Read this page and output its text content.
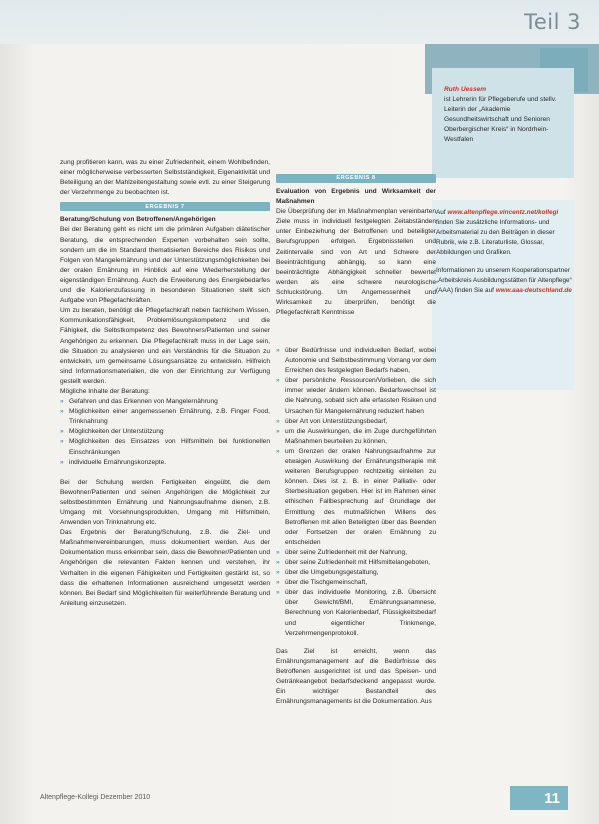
Teil 3
Ruth Uessem
ist Lehrerin für Pflegeberufe und stellv. Leiterin der „Akademie Gesundheitswirtschaft und Senioren Oberbergischer Kreis“ in Nordrhein-Westfalen

Auf www.altenpflege.vincentz.net/kollegi finden Sie zusätzliche Informations- und Arbeitsmaterial zu den Beiträgen in dieser Rubrik, wie z.B. Literaturliste, Glossar, Abbildungen und Grafiken.

Informationen zu unserem Kooperationspartner „Arbeitskreis Ausbildungsstätten für Altenpflege“ (AAA) finden Sie auf www.aaa-deutschland.de

zung profitieren kann, was zu einer Zufriedenheit, einem Wohlbefinden, einer möglicherweise verbesserten Selbstständigkeit, Eigenaktivität und Beteiligung an der Mahlzeitengestaltung sowie evtl. zu einer Steigerung der Verzehrmenge zu beobachten ist.

ERGEBNIS 7

Beratung/Schulung von Betroffenen/Angehörigen

Bei der Beratung geht es nicht um die primären Aufgaben diätetischer Beratung, die entsprechenden Experten vorbehalten sein sollte, sondern um die im Standard thematisierten Bereiche des Risikos und Folgen von Mangelernährung und der Unterstützungsmöglichkeiten bei der oralen Ernährung im Hinblick auf eine Wiederherstellung der eigenständigen Ernährung. Auch die Erweiterung des Energiebedarfes und die Kalorienzufassung in besonderen Situationen stellt sich Aufgabe von Pflegefachkräften.

Um zu beraten, benötigt die Pflegefachkraft neben fachlichem Wissen, Kommunikationsfähigkeit, Problemlösungskompetenz und die Fähigkeit, die Selbstkompetenz des Bewohners/Patienten und seiner Angehörigen zu erkennen. Die Pflegefachkraft muss in der Lage sein, die Situation zu analysieren und ein Verständnis für die Situation zu entwickeln, um gemeinsame Lösungsansätze zu entwickeln. Hilfreich sind Informationsmaterialien, die von der Einrichtung zur Verfügung gestellt werden.

Mögliche Inhalte der Beratung:

» Gefahren und das Erkennen von Mangelernährung
» Möglichkeiten einer angemessenen Ernährung, z.B. Finger Food, Trinknahrung
» Möglichkeiten der Unterstützung
» Möglichkeiten des Einsatzes von Hilfsmitteln bei funktionellen Einschränkungen
» individuelle Ernährungskonzepte.

Bei der Schulung werden Fertigkeiten eingeübt, die dem Bewohner/Patienten und seinen Angehörigen die Möglichkeit zur selbstbestimmten Ernährung und Nahrungsaufnahme dienen, z.B. Umgang mit Vorsehnungsprodukten, Umgang mit Hilfsmitteln, Anwenden von Trinknahrung etc.

Das Ergebnis der Beratung/Schulung, z.B. die Ziel- und Maßnahmenvereinbarungen, muss dokumentiert werden. Aus der Dokumentation muss erkennbar sein, dass die Bewohner/Patienten und Angehörigen die relevanten Fakten kennen und verstehen, ihr Verhalten in die eigenen Fähigkeiten und Fertigkeiten gestärkt ist, so dass die erhaltenen Informationen ausreichend umgesetzt werden können. Bei Bedarf sind Möglichkeiten für weiterführende Beratung und Anleitung einzusetzen.

ERGEBNIS 8

Evaluation von Ergebnis und Wirksamkeit der Maßnahmen

Die Überprüfung der im Maßnahmenplan vereinbarten Ziele muss in individuell festgelegten Zeitabständen unter Einbeziehung der Betroffenen und beteiligter Berufsgruppen erfolgen. Ergebnisstellen und Zeitintervalle sind von Art und Schwere der Beeinträchtigung abhängig, so kann eine beeinträchtigte Abhängigkeit schneller bewertet werden als eine schwere neurologische Schluckstörung. Um Angemessenheit und Wirksamkeit zu überprüfen, benötigt die Pflegefachkraft Kenntnisse

» über Bedürfnisse und individuellen Bedarf, wobei Autonomie und Selbstbestimmung Vorrang vor dem Erreichen des festgelegten Bedarfs haben,
» über persönliche Ressourcen/Vorlieben, die sich immer wieder ändern können. Bedarfswechsel ist die Nahrung, sobald sich alle erfassten Risiken und Ursachen für Mangelernährung reduziert haben
» über Art von Unterstützungsbedarf,
» um die Auswirkungen, die im Zuge durchgeführten Maßnahmen beurteilen zu können,
» um Grenzen der oralen Nahrungsaufnahme zur etwaigen Auswirkung der Ernährungstherapie mit weiteren Berufsgruppen rechtzeitig einleiten zu können. Dies ist z. B. in einer Palliativ- oder Sterbesituation gegeben. Hier ist im Rahmen einer ethischen Fallbesprechung auf Grundlage der Ermittlung des mutmaßlichen Willens des Betroffenen mit allen Beteiligten über das Beenden oder Fortsetzen der oralen Ernährung zu entscheiden
» über seine Zufriedenheit mit der Nahrung,
» über seine Zufriedenheit mit Hilfsmittelangeboten,
» über die Umgebungsgestaltung,
» über die Tischgemeinschaft,
» über das individuelle Monitoring, z.B. Übersicht über Gewicht/BMI, Ernährungsanamnese, Berechnung von Kalorienbedarf, Flüssigkeitsbedarf und eigentlicher Trinkmenge, Verzehrmengenprotokoll.

Das Ziel ist erreicht, wenn das Ernährungsmanagement auf die Bedürfnisse des Betroffenen ausgerichtet ist und das Speisen- und Getränkeangebot bedarfsdeckend angepasst wurde. Ein wichtiger Bestandteil des Ernährungsmanagements ist die Dokumentation. Aus

Altenpflege-Kollegi Dezember 2010	11
